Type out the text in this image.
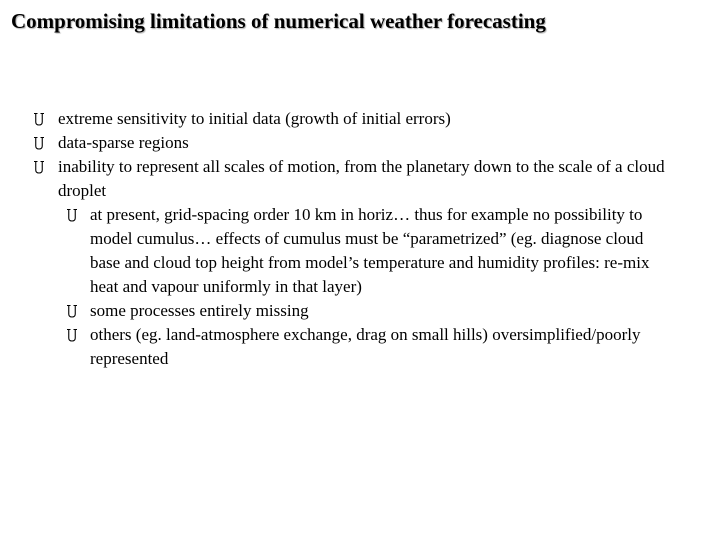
Compromising limitations of numerical weather forecasting
extreme sensitivity to initial data (growth of initial errors)
data-sparse regions
inability to represent all scales of motion, from the planetary down to the scale of a cloud droplet
at present, grid-spacing order 10 km in horiz… thus for example no possibility to model cumulus… effects of cumulus must be “parametrized” (eg. diagnose cloud base and cloud top height from model’s temperature and humidity profiles: re-mix heat and vapour uniformly in that layer)
some processes entirely missing
others (eg. land-atmosphere exchange, drag on small hills) oversimplified/poorly represented
